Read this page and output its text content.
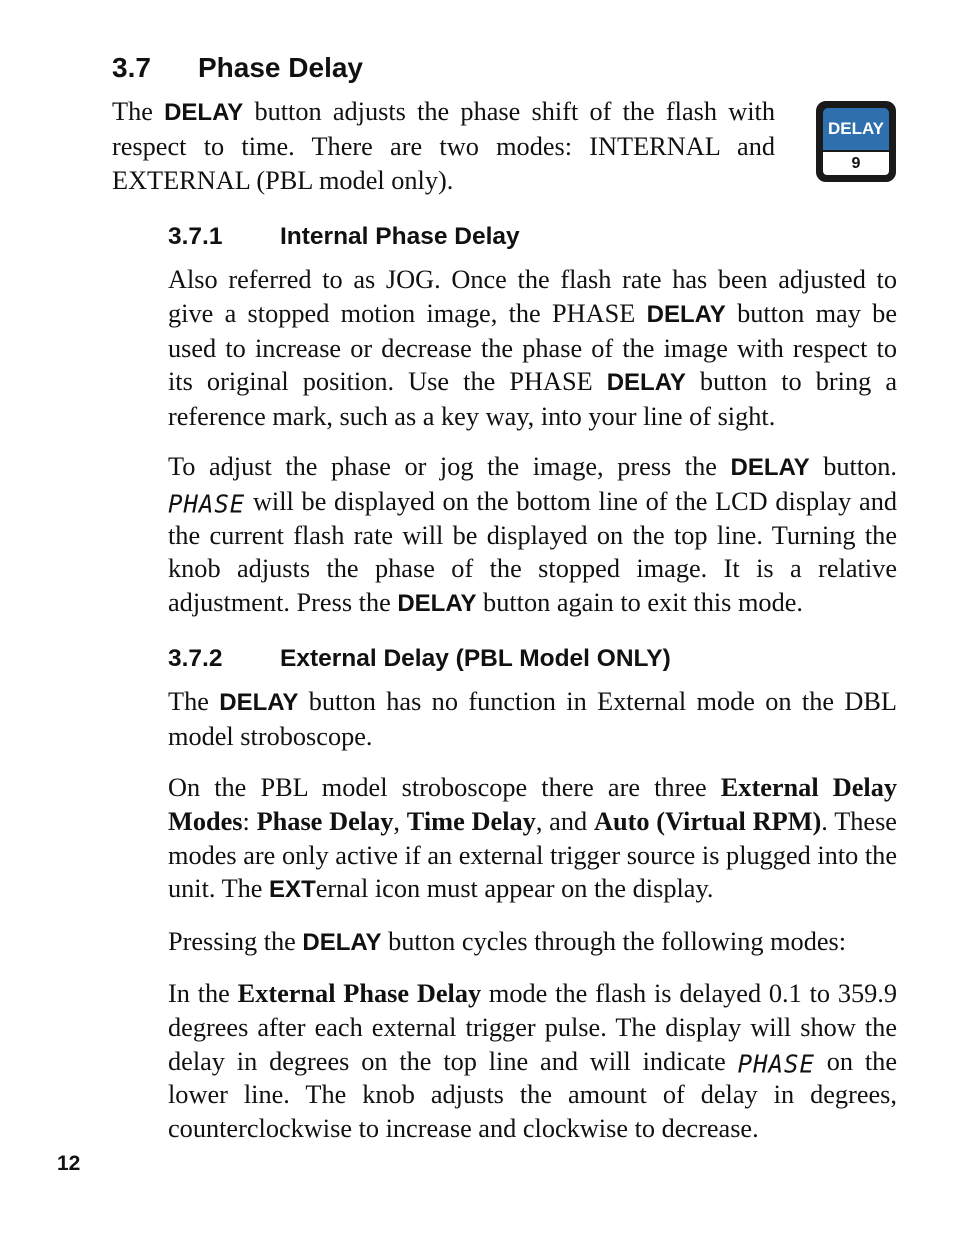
3.7 Phase Delay

The DELAY button adjusts the phase shift of the flash with respect to time. There are two modes: INTERNAL and EXTERNAL (PBL model only).

DELAY
9
3.7.1 Internal Phase Delay

Also referred to as JOG. Once the flash rate has been adjusted to give a stopped motion image, the PHASE DELAY button may be used to increase or decrease the phase of the image with respect to its original position. Use the PHASE DELAY button to bring a reference mark, such as a key way, into your line of sight.

To adjust the phase or jog the image, press the DELAY button. PHASE will be displayed on the bottom line of the LCD display and the current flash rate will be displayed on the top line. Turning the knob adjusts the phase of the stopped image. It is a relative adjustment. Press the DELAY button again to exit this mode.

3.7.2 External Delay (PBL Model ONLY)

The DELAY button has no function in External mode on the DBL model stroboscope.

On the PBL model stroboscope there are three External Delay Modes: Phase Delay, Time Delay, and Auto (Virtual RPM). These modes are only active if an external trigger source is plugged into the unit. The EXTernal icon must appear on the display.

Pressing the DELAY button cycles through the following modes:

In the External Phase Delay mode the flash is delayed 0.1 to 359.9 degrees after each external trigger pulse. The display will show the delay in degrees on the top line and will indicate PHASE on the lower line. The knob adjusts the amount of delay in degrees, counterclockwise to increase and clockwise to decrease.

12
